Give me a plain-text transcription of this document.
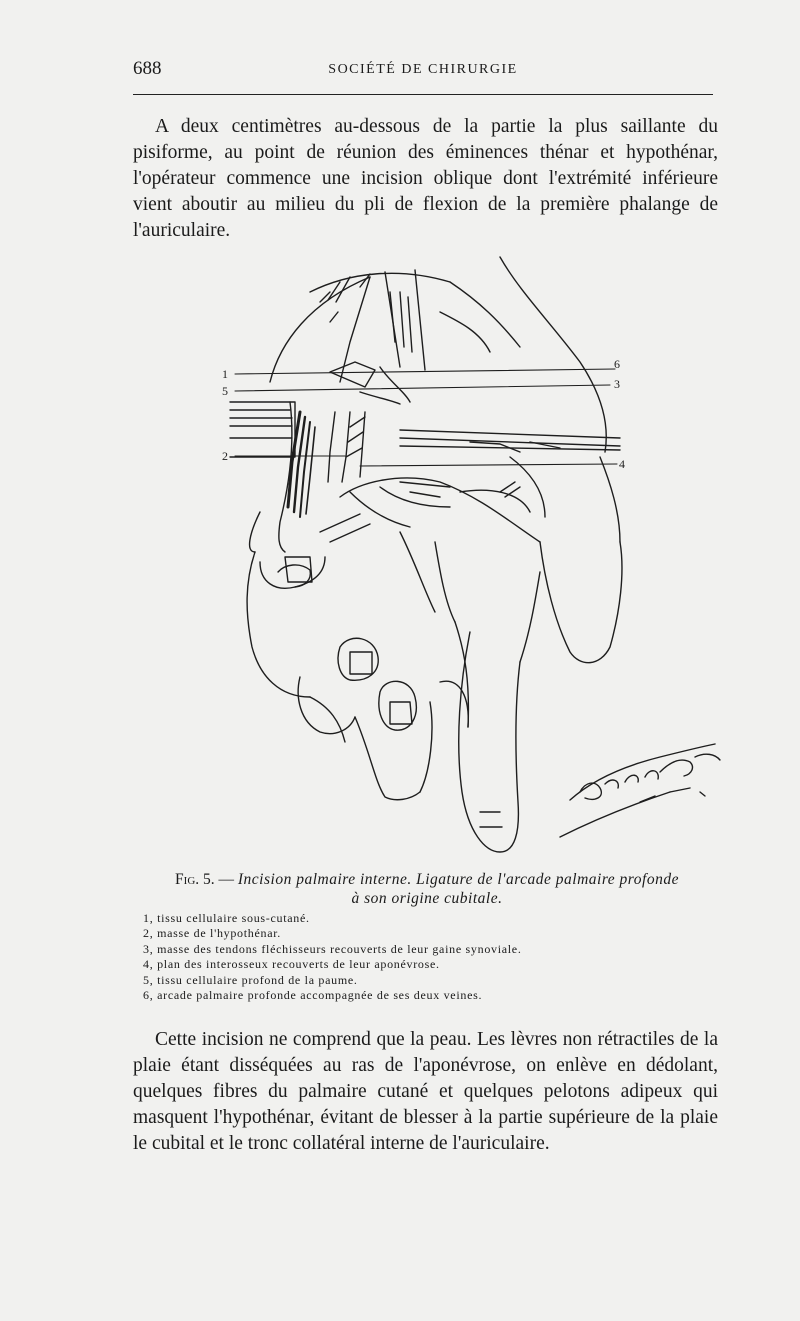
688	SOCIÉTÉ DE CHIRURGIE

A deux centimètres au-dessous de la partie la plus saillante du pisiforme, au point de réunion des éminences thénar et hypothénar, l'opérateur commence une incision oblique dont l'extrémité inférieure vient aboutir au milieu du pli de flexion de la première phalange de l'auriculaire.

1
5
2
6
3
4
Fig. 5. — Incision palmaire interne. Ligature de l'arcade palmaire profonde
à son origine cubitale.
1, tissu cellulaire sous-cutané.
2, masse de l'hypothénar.
3, masse des tendons fléchisseurs recouverts de leur gaine synoviale.
4, plan des interosseux recouverts de leur aponévrose.
5, tissu cellulaire profond de la paume.
6, arcade palmaire profonde accompagnée de ses deux veines.

Cette incision ne comprend que la peau. Les lèvres non rétractiles de la plaie étant disséquées au ras de l'aponévrose, on enlève en dédolant, quelques fibres du palmaire cutané et quelques pelotons adipeux qui masquent l'hypothénar, évitant de blesser à la partie supérieure de la plaie le cubital et le tronc collatéral interne de l'auriculaire.
